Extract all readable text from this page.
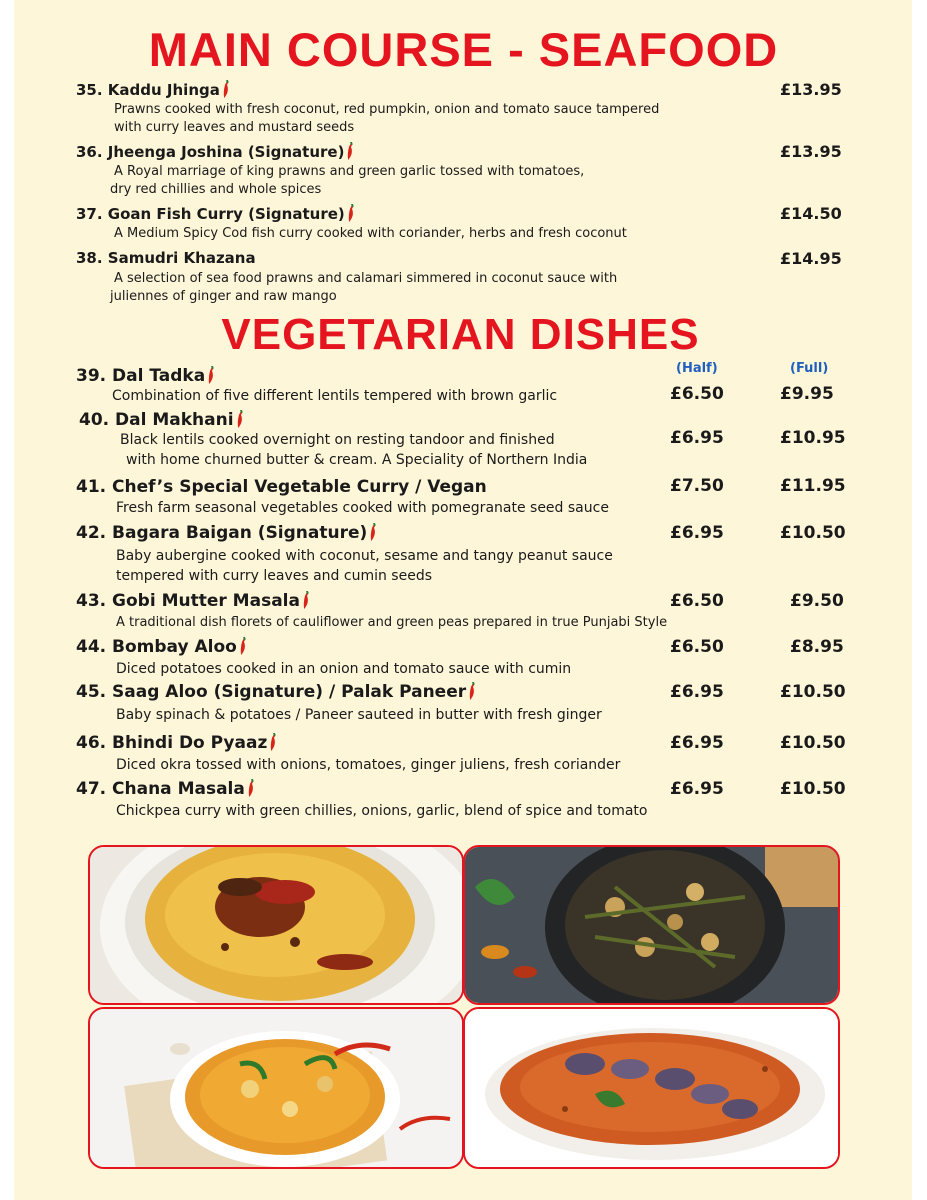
MAIN COURSE - SEAFOOD
35. Kaddu Jhinga	£13.95
Prawns cooked with fresh coconut, red pumpkin, onion and tomato sauce tampered
with curry leaves and mustard seeds
36. Jheenga Joshina (Signature)	£13.95
A Royal marriage of king prawns and green garlic tossed with tomatoes,
dry red chillies and whole spices
37. Goan Fish Curry (Signature)	£14.50
A Medium Spicy Cod fish curry cooked with coriander, herbs and fresh coconut
38. Samudri Khazana	£14.95
A selection of sea food prawns and calamari simmered in coconut sauce with
juliennes of ginger and raw mango
VEGETARIAN DISHES
(Half)	(Full)
39. Dal Tadka
£6.50	£9.95
Combination of five different lentils tempered with brown garlic
40. Dal Makhani
£6.95	£10.95
Black lentils cooked overnight on resting tandoor and finished
with home churned butter & cream. A Speciality of Northern India
41. Chef’s Special Vegetable Curry / Vegan	£7.50	£11.95
Fresh farm seasonal vegetables cooked with pomegranate seed sauce
42. Bagara Baigan (Signature)	£6.95	£10.50
Baby aubergine cooked with coconut, sesame and tangy peanut sauce
tempered with curry leaves and cumin seeds
43. Gobi Mutter Masala	£6.50	£9.50
A traditional dish florets of cauliflower and green peas prepared in true Punjabi Style
44. Bombay Aloo	£6.50	£8.95
Diced potatoes cooked in an onion and tomato sauce with cumin
45. Saag Aloo (Signature) / Palak Paneer	£6.95	£10.50
Baby spinach & potatoes / Paneer sauteed in butter with fresh ginger
46. Bhindi Do Pyaaz	£6.95	£10.50
Diced okra tossed with onions, tomatoes, ginger juliens, fresh coriander
47. Chana Masala	£6.95	£10.50
Chickpea curry with green chillies, onions, garlic, blend of spice and tomato
